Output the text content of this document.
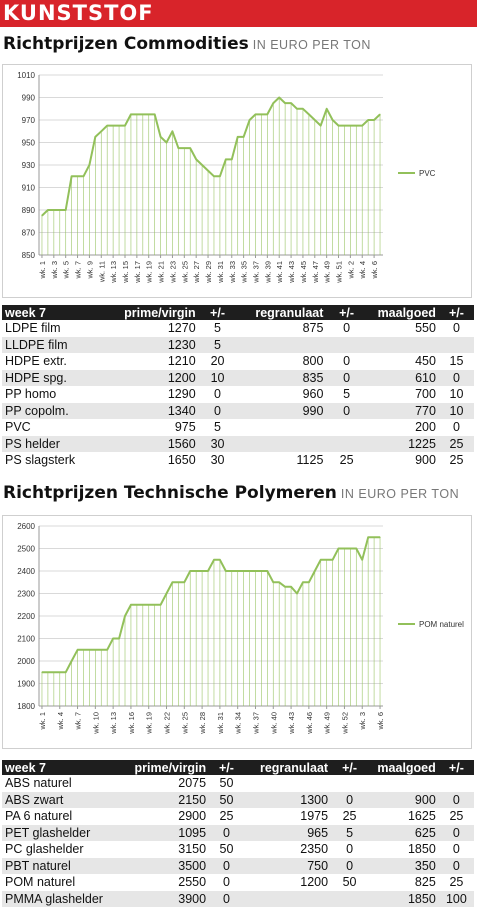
KUNSTSTOF
Richtprijzen Commodities IN EURO PER TON
850
870
890
910
930
950
970
990
1010
wk. 1 wk. 3 wk. 5 wk. 7 wk. 9 wk. 11 wk. 13 wk. 15 wk. 17 wk. 19 wk. 21 wk. 23 wk. 25 wk. 27 wk. 29 wk. 31 wk. 33 wk. 35 wk. 37 wk. 39 wk. 41 wk. 43 wk. 45 wk. 47 wk. 49 wk. 51 wk. 2 wk. 4 wk. 6
PVC
week 7	prime/virgin	+/-	regranulaat	+/-	maalgoed	+/-
LDPE film	1270	5	875	0	550	0
LLDPE film	1230	5				
HDPE extr.	1210	20	800	0	450	15
HDPE spg.	1200	10	835	0	610	0
PP homo	1290	0	960	5	700	10
PP copolm.	1340	0	990	0	770	10
PVC	975	5			200	0
PS helder	1560	30			1225	25
PS slagsterk	1650	30	1125	25	900	25
Richtprijzen Technische Polymeren IN EURO PER TON
1800
1900
2000
2100
2200
2300
2400
2500
2600
wk. 1 wk. 4 wk. 7 wk. 10 wk. 13 wk. 16 wk. 19 wk. 22 wk. 25 wk. 28 wk. 31 wk. 34 wk. 37 wk. 40 wk. 43 wk. 46 wk. 49 wk. 52 wk. 3 wk. 6
POM naturel
week 7	prime/virgin	+/-	regranulaat	+/-	maalgoed	+/-
ABS naturel	2075	50				
ABS zwart	2150	50	1300	0	900	0
PA 6 naturel	2900	25	1975	25	1625	25
PET glashelder	1095	0	965	5	625	0
PC glashelder	3150	50	2350	0	1850	0
PBT naturel	3500	0	750	0	350	0
POM naturel	2550	0	1200	50	825	25
PMMA glashelder	3900	0			1850	100
